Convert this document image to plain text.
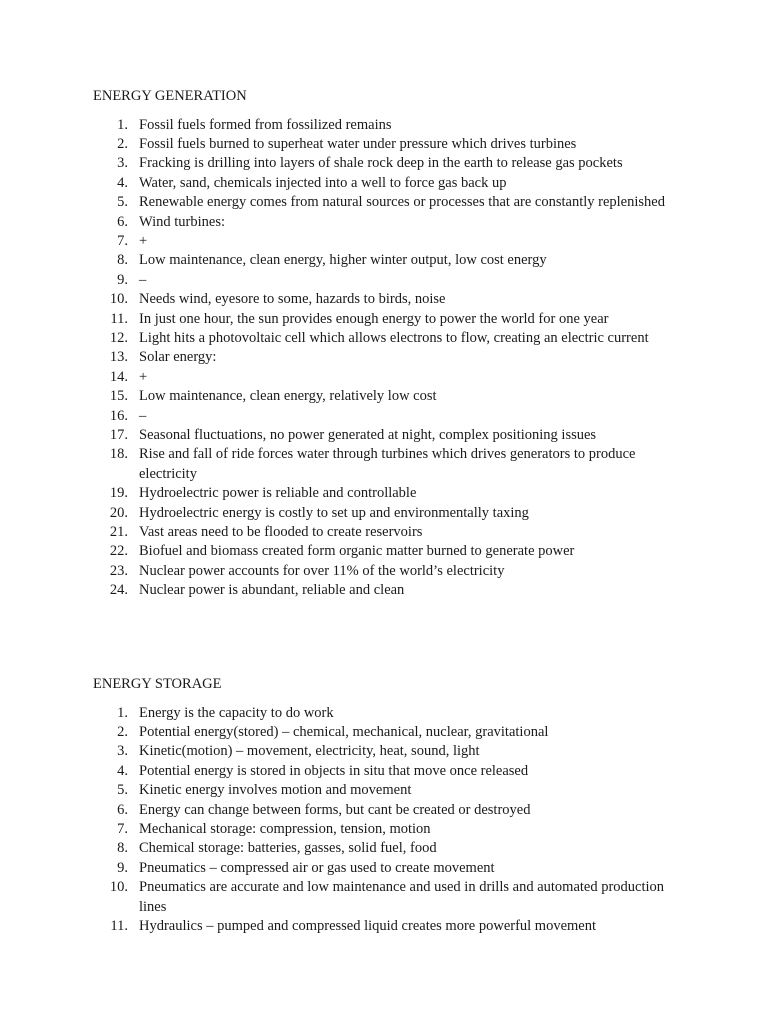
ENERGY GENERATION
1. Fossil fuels formed from fossilized remains
2. Fossil fuels burned to superheat water under pressure which drives turbines
3. Fracking is drilling into layers of shale rock deep in the earth to release gas pockets
4. Water, sand, chemicals injected into a well to force gas back up
5. Renewable energy comes from natural sources or processes that are constantly replenished
6. Wind turbines:
7. +
8. Low maintenance, clean energy, higher winter output, low cost energy
9. –
10. Needs wind, eyesore to some, hazards to birds, noise
11. In just one hour, the sun provides enough energy to power the world for one year
12. Light hits a photovoltaic cell which allows electrons to flow, creating an electric current
13. Solar energy:
14. +
15. Low maintenance, clean energy, relatively low cost
16. –
17. Seasonal fluctuations, no power generated at night, complex positioning issues
18. Rise and fall of ride forces water through turbines which drives generators to produce electricity
19. Hydroelectric power is reliable and controllable
20. Hydroelectric energy is costly to set up and environmentally taxing
21. Vast areas need to be flooded to create reservoirs
22. Biofuel and biomass created form organic matter burned to generate power
23. Nuclear power accounts for over 11% of the world’s electricity
24. Nuclear power is abundant, reliable and clean
ENERGY STORAGE
1. Energy is the capacity to do work
2. Potential energy(stored) – chemical, mechanical, nuclear, gravitational
3. Kinetic(motion) – movement, electricity, heat, sound, light
4. Potential energy is stored in objects in situ that move once released
5. Kinetic energy involves motion and movement
6. Energy can change between forms, but cant be created or destroyed
7. Mechanical storage: compression, tension, motion
8. Chemical storage: batteries, gasses, solid fuel, food
9. Pneumatics – compressed air or gas used to create movement
10. Pneumatics are accurate and low maintenance and used in drills and automated production lines
11. Hydraulics – pumped and compressed liquid creates more powerful movement
